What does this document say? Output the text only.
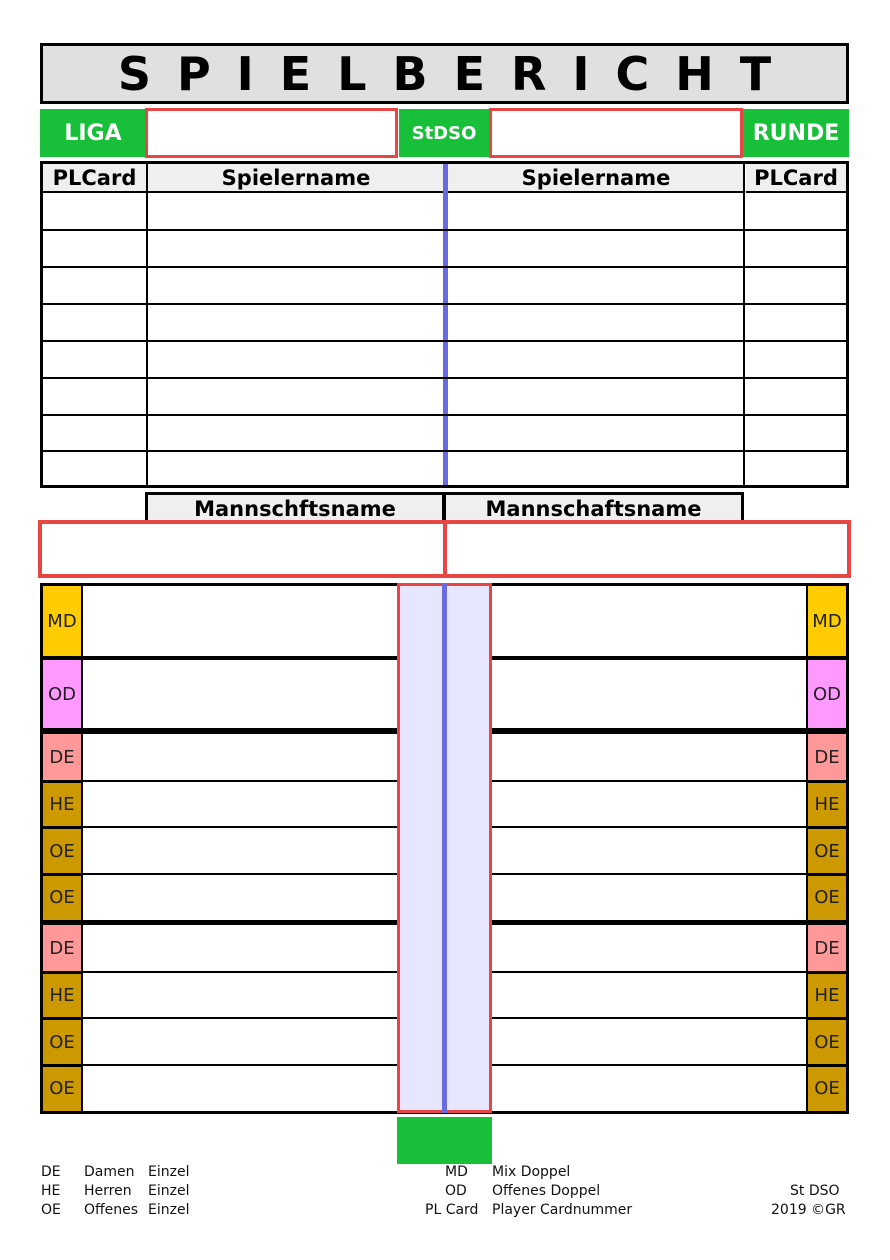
SPIELBERICHT
LIGA	StDSO	RUNDE
PLCard	Spielername	Spielername	PLCard
Mannschftsname	Mannschaftsname
MD	MD
OD	OD
DE	DE
HE	HE
OE	OE
OE	OE
DE	DE
HE	HE
OE	OE
OE	OE
DE Damen Einzel
HE Herren Einzel
OE Offenes Einzel
MD Mix Doppel
OD Offenes Doppel
PL Card Player Cardnummer
St DSO
2019 ©GR
